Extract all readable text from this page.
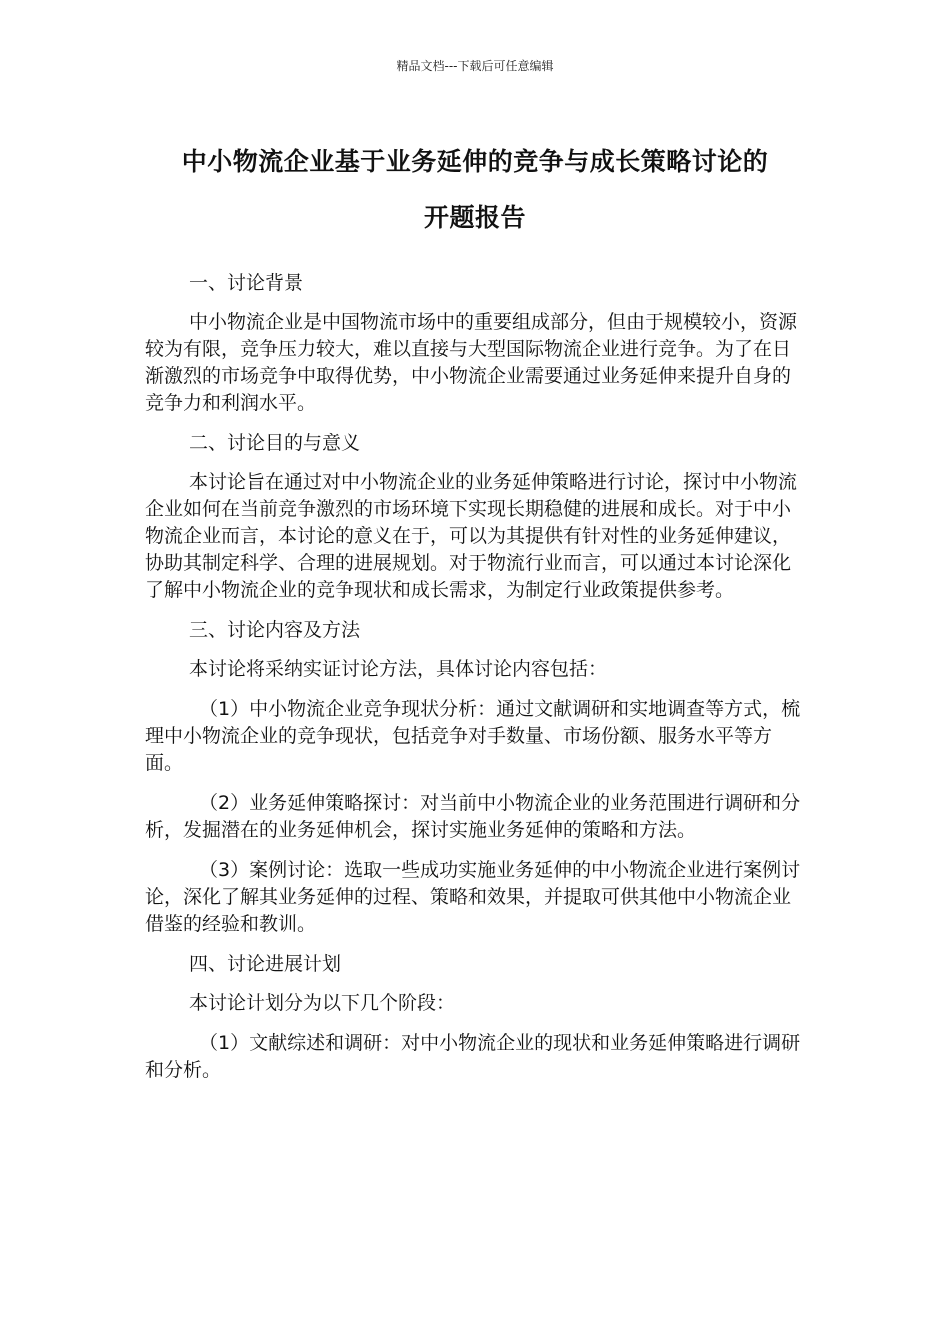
精品文档---下载后可任意编辑
中小物流企业基于业务延伸的竞争与成长策略讨论的
开题报告

一、讨论背景

中小物流企业是中国物流市场中的重要组成部分，但由于规模较小，资源较为有限，竞争压力较大，难以直接与大型国际物流企业进行竞争。为了在日渐激烈的市场竞争中取得优势，中小物流企业需要通过业务延伸来提升自身的竞争力和利润水平。

二、讨论目的与意义

本讨论旨在通过对中小物流企业的业务延伸策略进行讨论，探讨中小物流企业如何在当前竞争激烈的市场环境下实现长期稳健的进展和成长。对于中小物流企业而言，本讨论的意义在于，可以为其提供有针对性的业务延伸建议，协助其制定科学、合理的进展规划。对于物流行业而言，可以通过本讨论深化了解中小物流企业的竞争现状和成长需求，为制定行业政策提供参考。

三、讨论内容及方法

本讨论将采纳实证讨论方法，具体讨论内容包括：

（1）中小物流企业竞争现状分析：通过文献调研和实地调查等方式，梳理中小物流企业的竞争现状，包括竞争对手数量、市场份额、服务水平等方面。

（2）业务延伸策略探讨：对当前中小物流企业的业务范围进行调研和分析，发掘潜在的业务延伸机会，探讨实施业务延伸的策略和方法。

（3）案例讨论：选取一些成功实施业务延伸的中小物流企业进行案例讨论，深化了解其业务延伸的过程、策略和效果，并提取可供其他中小物流企业借鉴的经验和教训。

四、讨论进展计划

本讨论计划分为以下几个阶段：

（1）文献综述和调研：对中小物流企业的现状和业务延伸策略进行调研和分析。
